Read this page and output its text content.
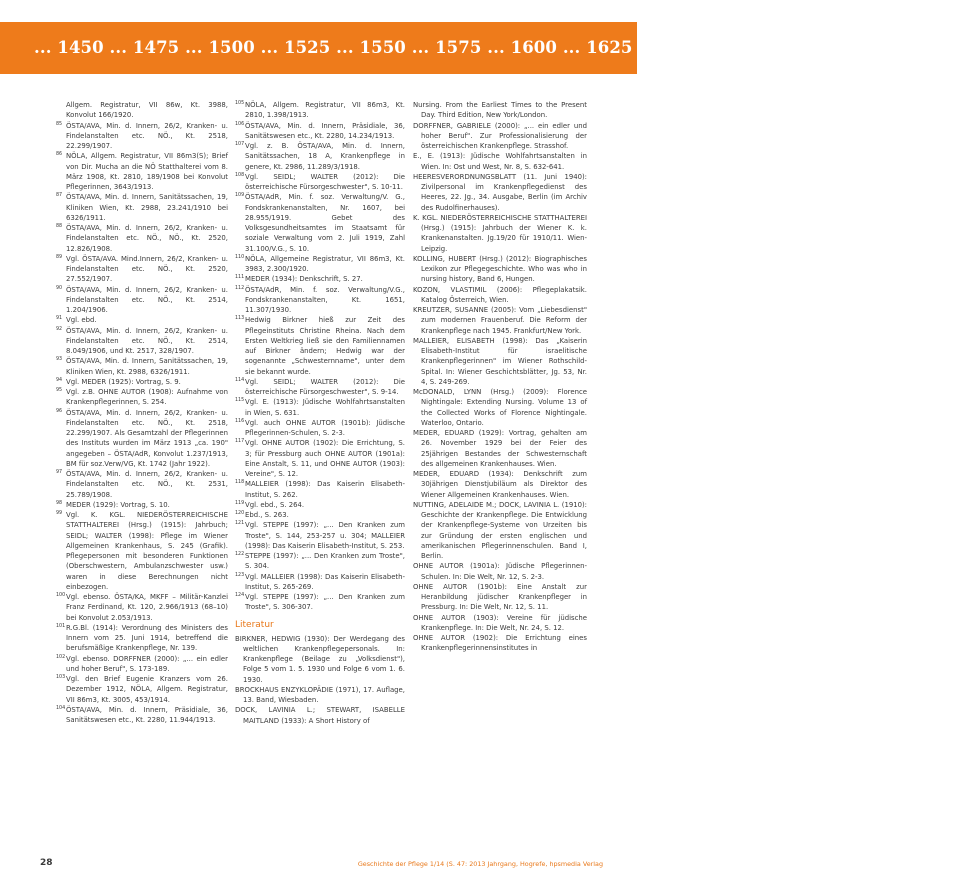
... 1450 ... 1475 ... 1500 ... 1525 ... 1550 ... 1575 ... 1600 ... 1625 ... 1650 ... 1675 ... 1700 ... 1725 ...
Allgem. Registratur, VII 86w, Kt. 3988, Konvolut 166/1920.
85 ÖSTA/AVA, Min. d. Innern, 26/2, Kranken- u. Findelanstalten etc. NÖ., Kt. 2518, 22.299/1907.
86 NÖLA, Allgem. Registratur, VII 86m3(S); Brief von Dir. Mucha an die NÖ Statthalterei vom 8. März 1908, Kt. 2810, 189/1908 bei Konvolut Pflegerinnen, 3643/1913.
87 ÖSTA/AVA, Min. d. Innern, Sanitätssachen, 19, Kliniken Wien, Kt. 2988, 23.241/1910 bei 6326/1911.
88 ÖSTA/AVA, Min. d. Innern, 26/2, Kranken- u. Findelanstalten etc. NÖ., NÖ., Kt. 2520, 12.826/1908.
89 Vgl. ÖSTA/AVA. Mind.Innern, 26/2, Kranken- u. Findelanstalten etc. NÖ., Kt. 2520, 27.552/1907.
90 ÖSTA/AVA, Min. d. Innern, 26/2, Kranken- u. Findelanstalten etc. NÖ., Kt. 2514, 1.204/1906.
91 Vgl. ebd.
92 ÖSTA/AVA, Min. d. Innern, 26/2, Kranken- u. Findelanstalten etc. NÖ., Kt. 2514, 8.049/1906, und Kt. 2517, 328/1907.
93 ÖSTA/AVA, Min. d. Innern, Sanitätssachen, 19, Kliniken Wien, Kt. 2988, 6326/1911.
94 Vgl. MEDER (1925): Vortrag, S. 9.
95 Vgl. z.B. OHNE AUTOR (1908): Aufnahme von Krankenpflegerinnen, S. 254.
96 ÖSTA/AVA, Min. d. Innern, 26/2, Kranken- u. Findelanstalten etc. NÖ., Kt. 2518, 22.299/1907. Als Gesamtzahl der Pflegerinnen des Instituts wurden im März 1913 „ca. 190" angegeben – ÖSTA/AdR, Konvolut 1.237/1913, BM für soz.Verw/VG, Kt. 1742 (Jahr 1922).
97 ÖSTA/AVA, Min. d. Innern, 26/2, Kranken- u. Findelanstalten etc. NÖ., Kt. 2531, 25.789/1908.
98 MEDER (1929): Vortrag, S. 10.
99 Vgl. K. KGL. NIEDERÖSTERREICHISCHE STATTHALTEREI (Hrsg.) (1915): Jahrbuch; SEIDL; WALTER (1998): Pflege im Wiener Allgemeinen Krankenhaus, S. 245 (Grafik). Pflegepersonen mit besonderen Funktionen (Oberschwestern, Ambulanzschwester usw.) waren in diese Berechnungen nicht einbezogen.
100 Vgl. ebenso. ÖSTA/KA, MKFF – Militär-Kanzlei Franz Ferdinand, Kt. 120, 2.966/1913 (68–10) bei Konvolut 2.053/1913.
101 R.G.Bl. (1914): Verordnung des Ministers des Innern vom 25. Juni 1914, betreffend die berufsmäßige Krankenpflege, Nr. 139.
102 Vgl. ebenso. DORFFNER (2000): „... ein edler und hoher Beruf", S. 173-189.
103 Vgl. den Brief Eugenie Kranzers vom 26. Dezember 1912, NÖLA, Allgem. Registratur, VII 86m3, Kt. 3005, 453/1914.
104 ÖSTA/AVA, Min. d. Innern, Präsidiale, 36, Sanitätswesen etc., Kt. 2280, 11.944/1913.
105 NÖLA, Allgem. Registratur, VII 86m3, Kt. 2810, 1.398/1913.
106 ÖSTA/AVA, Min. d. Innern, Präsidiale, 36, Sanitätswesen etc., Kt. 2280, 14.234/1913.
107 Vgl. z. B. ÖSTA/AVA, Min. d. Innern, Sanitätssachen, 18 A, Krankenpflege in genere, Kt. 2986, 11.289/3/1918.
108 Vgl. SEIDL; WALTER (2012): Die österreichische Fürsorgeschwester", S. 10-11.
109 ÖSTA/AdR, Min. f. soz. Verwaltung/V. G., Fondskrankenanstalten, Nr. 1607, bei 28.955/1919. Gebet des Volksgesundheitsamtes im Staatsamt für soziale Verwaltung vom 2. Juli 1919, Zahl 31.100/V.G., S. 10.
110 NÖLA, Allgemeine Registratur, VII 86m3, Kt. 3983, 2.300/1920.
111 MEDER (1934): Denkschrift, S. 27.
112 ÖSTA/AdR, Min. f. soz. Verwaltung/V.G., Fondskrankenanstalten, Kt. 1651, 11.307/1930.
113 Hedwig Birkner hieß zur Zeit des Pflegeinstituts Christine Rheina. Nach dem Ersten Weltkrieg ließ sie den Familiennamen auf Birkner ändern; Hedwig war der sogenannte „Schwesternname", unter dem sie bekannt wurde.
114 Vgl. SEIDL; WALTER (2012): Die österreichische Fürsorgeschwester", S. 9-14.
115 Vgl. E. (1913): Jüdische Wohlfahrtsanstalten in Wien, S. 631.
116 Vgl. auch OHNE AUTOR (1901b): Jüdische Pflegerinnen-Schulen, S. 2-3.
117 Vgl. OHNE AUTOR (1902): Die Errichtung, S. 3; für Pressburg auch OHNE AUTOR (1901a): Eine Anstalt, S. 11, und OHNE AUTOR (1903): Vereine", S. 12.
118 MALLEIER (1998): Das Kaiserin Elisabeth-Institut, S. 262.
119 Vgl. ebd., S. 264.
120 Ebd., S. 263.
121 Vgl. STEPPE (1997): „... Den Kranken zum Troste", S. 144, 253-257 u. 304; MALLEIER (1998): Das Kaiserin Elisabeth-Institut, S. 253.
122 STEPPE (1997): „... Den Kranken zum Troste", S. 304.
123 Vgl. MALLEIER (1998): Das Kaiserin Elisabeth-Institut, S. 265-269.
124 Vgl. STEPPE (1997): „... Den Kranken zum Troste", S. 306-307.
Literatur
BIRKNER, HEDWIG (1930): Der Werdegang des weltlichen Krankenpflegepersonals. In: Krankenpflege (Beilage zu „Volksdienst"), Folge 5 vom 1. 5. 1930 und Folge 6 vom 1. 6. 1930.
BROCKHAUS ENZYKLOPÄDIE (1971), 17. Auflage, 13. Band, Wiesbaden.
DOCK, LAVINIA L.; STEWART, ISABELLE MAITLAND (1933): A Short History of
Nursing. From the Earliest Times to the Present Day. Third Edition, New York/London.
DORFFNER, GABRIELE (2000): „... ein edler und hoher Beruf". Zur Professionalisierung der österreichischen Krankenpflege. Strasshof.
E., E. (1913): Jüdische Wohlfahrtsanstalten in Wien. In: Ost und West, Nr. 8, S. 632-641.
HEERESVERORDNUNGSBLATT (11. Juni 1940): Zivilpersonal im Krankenpflegedienst des Heeres, 22. Jg., 34. Ausgabe, Berlin (im Archiv des Rudolfinerhauses).
K. KGL. NIEDERÖSTERREICHISCHE STATTHALTEREI (Hrsg.) (1915): Jahrbuch der Wiener K. k. Krankenanstalten. Jg.19/20 für 1910/11. Wien-Leipzig.
KOLLING, HUBERT (Hrsg.) (2012): Biographisches Lexikon zur Pflegegeschichte. Who was who in nursing history, Band 6, Hungen.
KOZON, VLASTIMIL (2006): Pflegeplakatsik. Katalog Österreich, Wien.
KREUTZER, SUSANNE (2005): Vom „Liebesdienst" zum modernen Frauenberuf. Die Reform der Krankenpflege nach 1945. Frankfurt/New York.
MALLEIER, ELISABETH (1998): Das „Kaiserin Elisabeth-Institut für israelitische Krankenpflegerinnen" im Wiener Rothschild-Spital. In: Wiener Geschichtsblätter, Jg. 53, Nr. 4, S. 249-269.
McDONALD, LYNN (Hrsg.) (2009): Florence Nightingale: Extending Nursing. Volume 13 of the Collected Works of Florence Nightingale. Waterloo, Ontario.
MEDER, EDUARD (1929): Vortrag, gehalten am 26. November 1929 bei der Feier des 25jährigen Bestandes der Schwesternschaft des allgemeinen Krankenhauses. Wien.
MEDER, EDUARD (1934): Denkschrift zum 30jährigen Dienstjubiläum als Direktor des Wiener Allgemeinen Krankenhauses. Wien.
NUTTING, ADELAIDE M.; DOCK, LAVINIA L. (1910): Geschichte der Krankenpflege. Die Entwicklung der Krankenpflege-Systeme von Urzeiten bis zur Gründung der ersten englischen und amerikanischen Pflegerinnenschulen. Band I, Berlin.
OHNE AUTOR (1901a): Jüdische Pflegerinnen-Schulen. In: Die Welt, Nr. 12, S. 2-3.
OHNE AUTOR (1901b): Eine Anstalt zur Heranbildung jüdischer Krankenpfleger in Pressburg. In: Die Welt, Nr. 12, S. 11.
OHNE AUTOR (1903): Vereine für jüdische Krankenpflege. In: Die Welt, Nr. 24, S. 12.
OHNE AUTOR (1902): Die Errichtung eines Krankenpflegerinnensinstitutes in
28	Geschichte der Pflege 1/14 (S. 47: 2013 Jahrgang, Hogrefe, hpsmedia Verlag
